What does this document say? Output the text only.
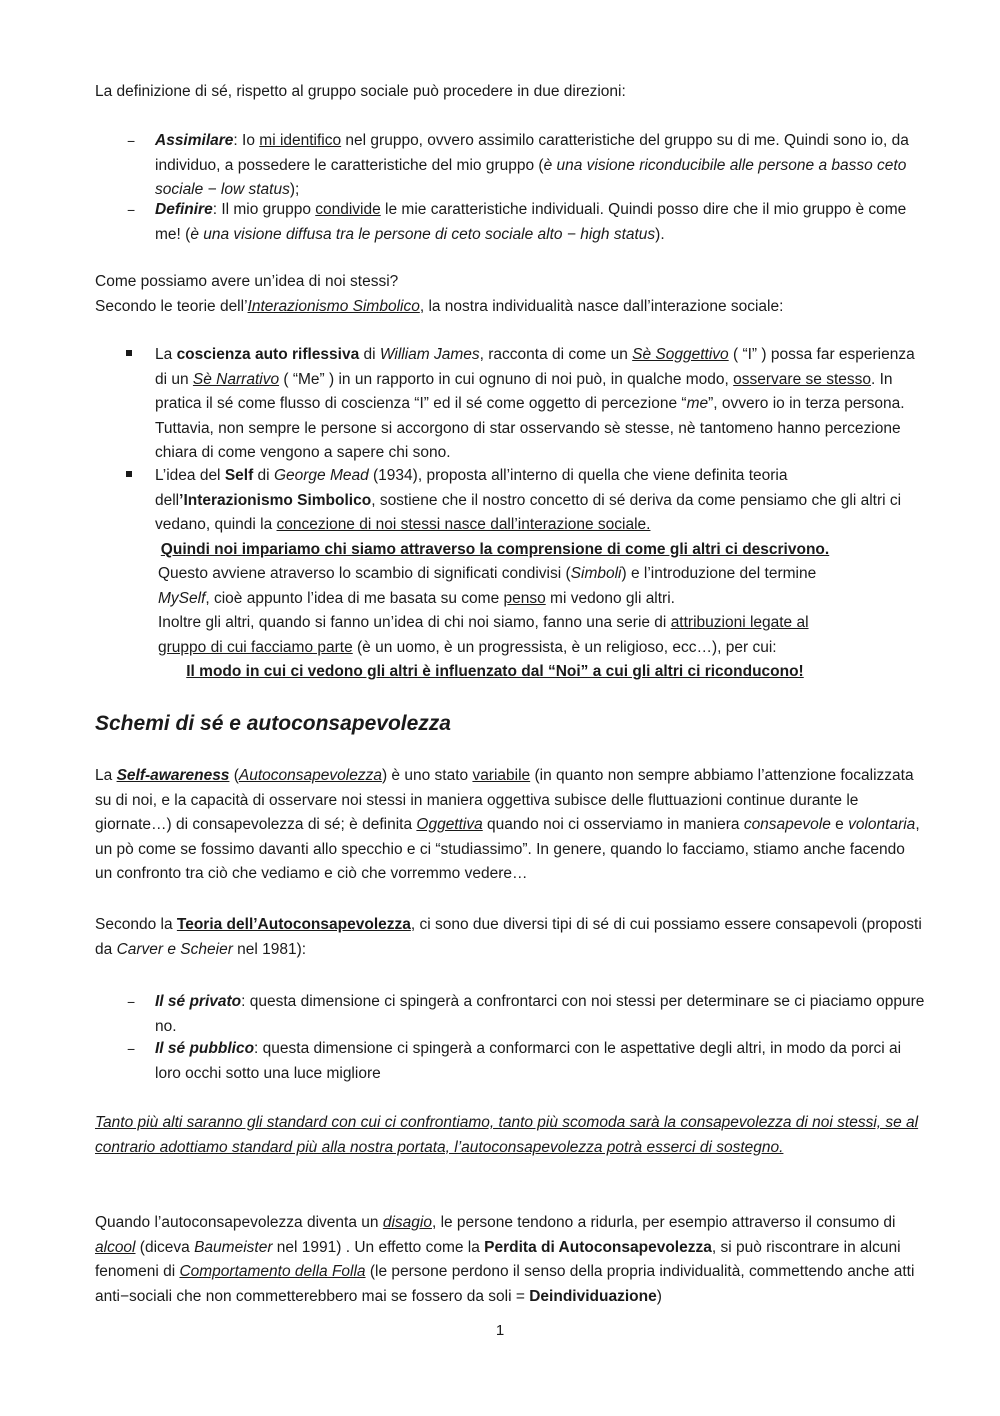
La definizione di sé, rispetto al gruppo sociale può procedere in due direzioni:

− Assimilare: Io mi identifico nel gruppo, ovvero assimilo caratteristiche del gruppo su di me. Quindi sono io, da individuo, a possedere le caratteristiche del mio gruppo (è una visione riconducibile alle persone a basso ceto sociale − low status);

− Definire: Il mio gruppo condivide le mie caratteristiche individuali. Quindi posso dire che il mio gruppo è come me! (è una visione diffusa tra le persone di ceto sociale alto − high status).

Come possiamo avere un’idea di noi stessi?
Secondo le teorie dell’Interazionismo Simbolico, la nostra individualità nasce dall’interazione sociale:

La coscienza auto riflessiva di William James, racconta di come un Sè Soggettivo ( “I” ) possa far esperienza di un Sè Narrativo ( “Me” ) in un rapporto in cui ognuno di noi può, in qualche modo, osservare se stesso. In pratica il sé come flusso di coscienza “I” ed il sé come oggetto di percezione “me”, ovvero io in terza persona. Tuttavia, non sempre le persone si accorgono di star osservando sè stesse, nè tantomeno hanno percezione chiara di come vengono a sapere chi sono.

L’idea del Self di George Mead (1934), proposta all’interno di quella che viene definita teoria dell’Interazionismo Simbolico, sostiene che il nostro concetto di sé deriva da come pensiamo che gli altri ci vedano, quindi la concezione di noi stessi nasce dall’interazione sociale.

Quindi noi impariamo chi siamo attraverso la comprensione di come gli altri ci descrivono.

Questo avviene atraverso lo scambio di significati condivisi (Simboli) e l’introduzione del termine
MySelf, cioè appunto l’idea di me basata su come penso mi vedono gli altri.

Inoltre gli altri, quando si fanno un’idea di chi noi siamo, fanno una serie di attribuzioni legate al
gruppo di cui facciamo parte (è un uomo, è un progressista, è un religioso, ecc…), per cui:

Il modo in cui ci vedono gli altri è influenzato dal “Noi” a cui gli altri ci riconducono!

Schemi di sé e autoconsapevolezza

La Self-awareness (Autoconsapevolezza) è uno stato variabile (in quanto non sempre abbiamo l’attenzione focalizzata su di noi, e la capacità di osservare noi stessi in maniera oggettiva subisce delle fluttuazioni continue durante le giornate…) di consapevolezza di sé; è definita Oggettiva quando noi ci osserviamo in maniera consapevole e volontaria, un pò come se fossimo davanti allo specchio e ci “studiassimo”. In genere, quando lo facciamo, stiamo anche facendo un confronto tra ciò che vediamo e ciò che vorremmo vedere…

Secondo la Teoria dell’Autoconsapevolezza, ci sono due diversi tipi di sé di cui possiamo essere consapevoli (proposti da Carver e Scheier nel 1981):

− Il sé privato: questa dimensione ci spingerà a confrontarci con noi stessi per determinare se ci piaciamo oppure no.

− Il sé pubblico: questa dimensione ci spingerà a conformarci con le aspettative degli altri, in modo da porci ai loro occhi sotto una luce migliore

Tanto più alti saranno gli standard con cui ci confrontiamo, tanto più scomoda sarà la consapevolezza di noi stessi, se al contrario adottiamo standard più alla nostra portata, l’autoconsapevolezza potrà esserci di sostegno.

Quando l’autoconsapevolezza diventa un disagio, le persone tendono a ridurla, per esempio attraverso il consumo di alcool (diceva Baumeister nel 1991) . Un effetto come la Perdita di Autoconsapevolezza, si può riscontrare in alcuni fenomeni di Comportamento della Folla (le persone perdono il senso della propria individualità, commettendo anche atti anti−sociali che non commetterebbero mai se fossero da soli = Deindividuazione)

1
